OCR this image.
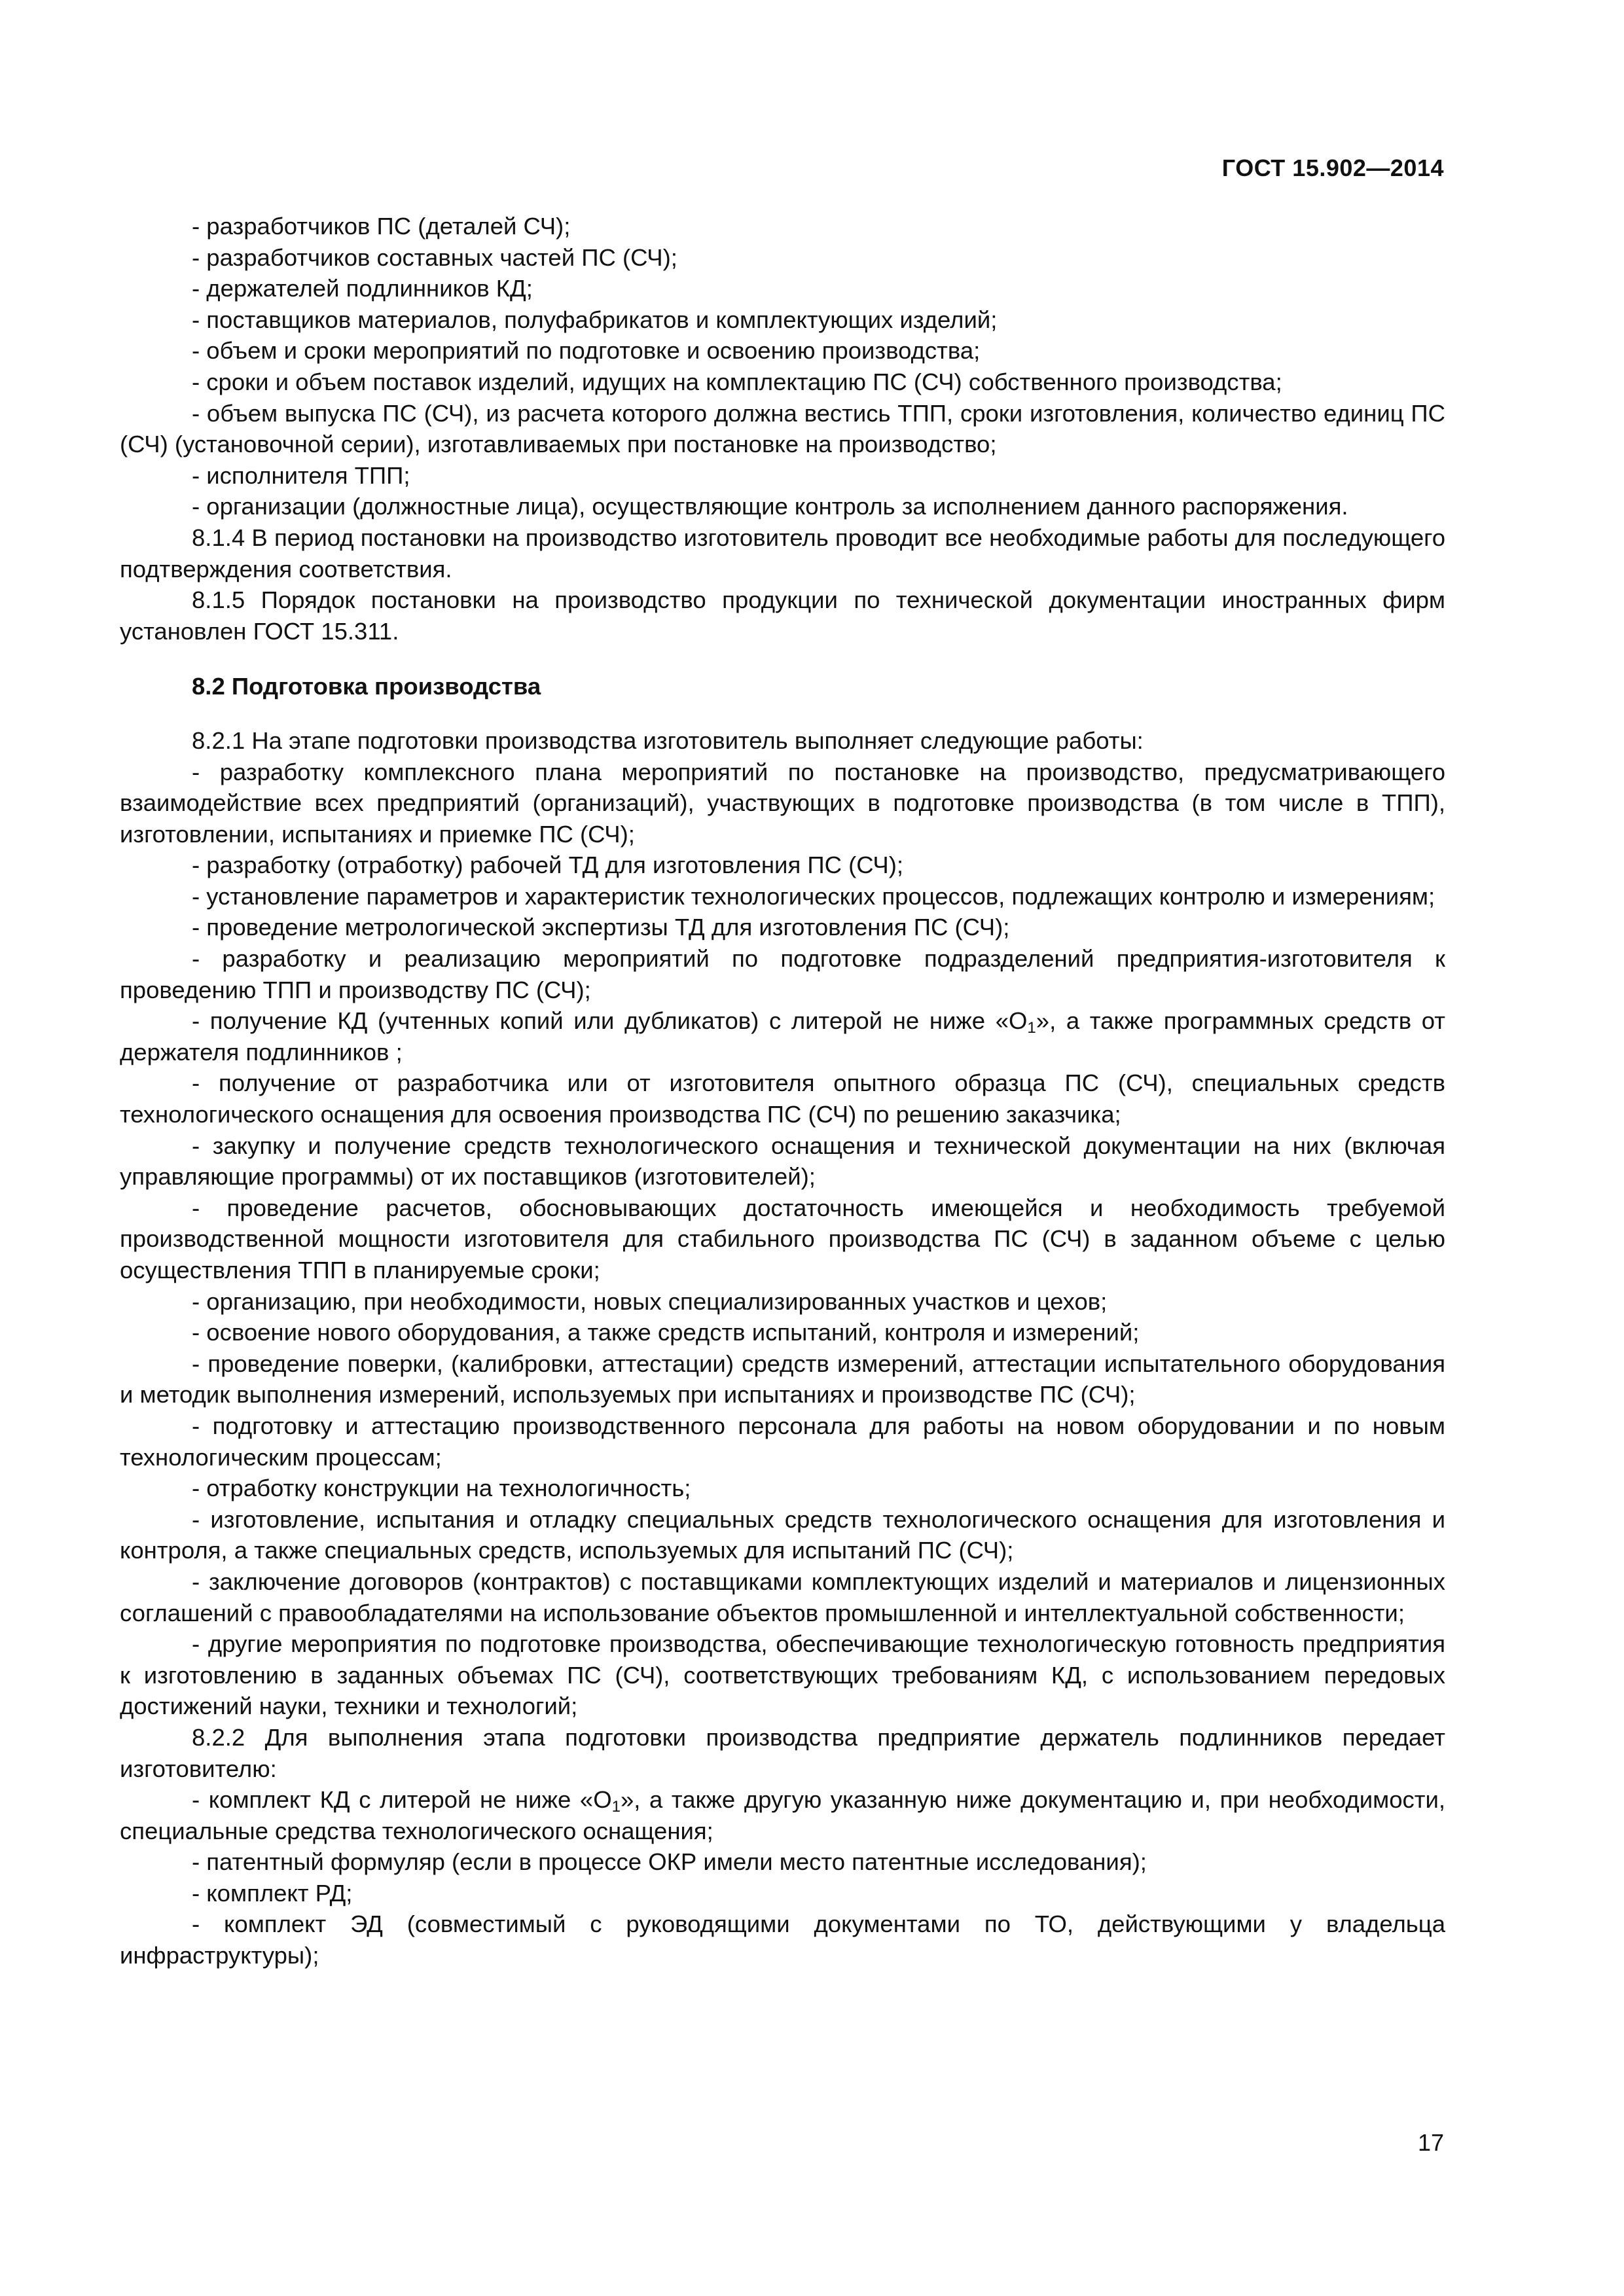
ГОСТ 15.902—2014

- разработчиков ПС (деталей СЧ);

- разработчиков составных частей ПС (СЧ);

- держателей подлинников КД;

- поставщиков материалов, полуфабрикатов и комплектующих изделий;

- объем и сроки мероприятий по подготовке и освоению производства;

- сроки и объем поставок изделий, идущих на комплектацию ПС (СЧ) собственного производства;

- объем выпуска ПС (СЧ), из расчета которого должна вестись ТПП, сроки изготовления, количество единиц ПС (СЧ) (установочной серии), изготавливаемых при постановке на производство;

- исполнителя ТПП;

- организации (должностные лица), осуществляющие контроль за исполнением данного распоряжения.

8.1.4 В период постановки на производство изготовитель проводит все необходимые работы для последующего подтверждения соответствия.

8.1.5 Порядок постановки на производство продукции по технической документации иностранных фирм установлен ГОСТ 15.311.

8.2 Подготовка производства

8.2.1 На этапе подготовки производства изготовитель выполняет следующие работы:

- разработку комплексного плана мероприятий по постановке на производство, предусматривающего взаимодействие всех предприятий (организаций), участвующих в подготовке производства (в том числе в ТПП), изготовлении, испытаниях и приемке ПС (СЧ);

- разработку (отработку) рабочей ТД для изготовления ПС (СЧ);

- установление параметров и характеристик технологических процессов, подлежащих контролю и измерениям;

- проведение метрологической экспертизы ТД для изготовления ПС (СЧ);

- разработку и реализацию мероприятий по подготовке подразделений предприятия-изготовителя к проведению ТПП и производству ПС (СЧ);

- получение КД (учтенных копий или дубликатов) с литерой не ниже «$О_1$», а также программных средств от держателя подлинников ;

- получение от разработчика или от изготовителя опытного образца ПС (СЧ), специальных средств технологического оснащения для освоения производства ПС (СЧ) по решению заказчика;

- закупку и получение средств технологического оснащения и технической документации на них (включая управляющие программы) от их поставщиков (изготовителей);

- проведение расчетов, обосновывающих достаточность имеющейся и необходимость требуемой производственной мощности изготовителя для стабильного производства ПС (СЧ) в заданном объеме с целью осуществления ТПП в планируемые сроки;

- организацию, при необходимости, новых специализированных участков и цехов;

- освоение нового оборудования, а также средств испытаний, контроля и измерений;

- проведение поверки, (калибровки, аттестации) средств измерений, аттестации испытательного оборудования и методик выполнения измерений, используемых при испытаниях и производстве ПС (СЧ);

- подготовку и аттестацию производственного персонала для работы на новом оборудовании и по новым технологическим процессам;

- отработку конструкции на технологичность;

- изготовление, испытания и отладку специальных средств технологического оснащения для изготовления и контроля, а также специальных средств, используемых для испытаний ПС (СЧ);

- заключение договоров (контрактов) с поставщиками комплектующих изделий и материалов и лицензионных соглашений с правообладателями на использование объектов промышленной и интеллектуальной собственности;

- другие мероприятия по подготовке производства, обеспечивающие технологическую готовность предприятия к изготовлению в заданных объемах ПС (СЧ), соответствующих требованиям КД, с использованием передовых достижений науки, техники и технологий;

8.2.2 Для выполнения этапа подготовки производства предприятие держатель подлинников передает изготовителю:

- комплект КД с литерой не ниже «$О_1$», а также другую указанную ниже документацию и, при необходимости, специальные средства технологического оснащения;

- патентный формуляр (если в процессе ОКР имели место патентные исследования);

- комплект РД;

- комплект ЭД (совместимый с руководящими документами по ТО, действующими у владельца инфраструктуры);

17
